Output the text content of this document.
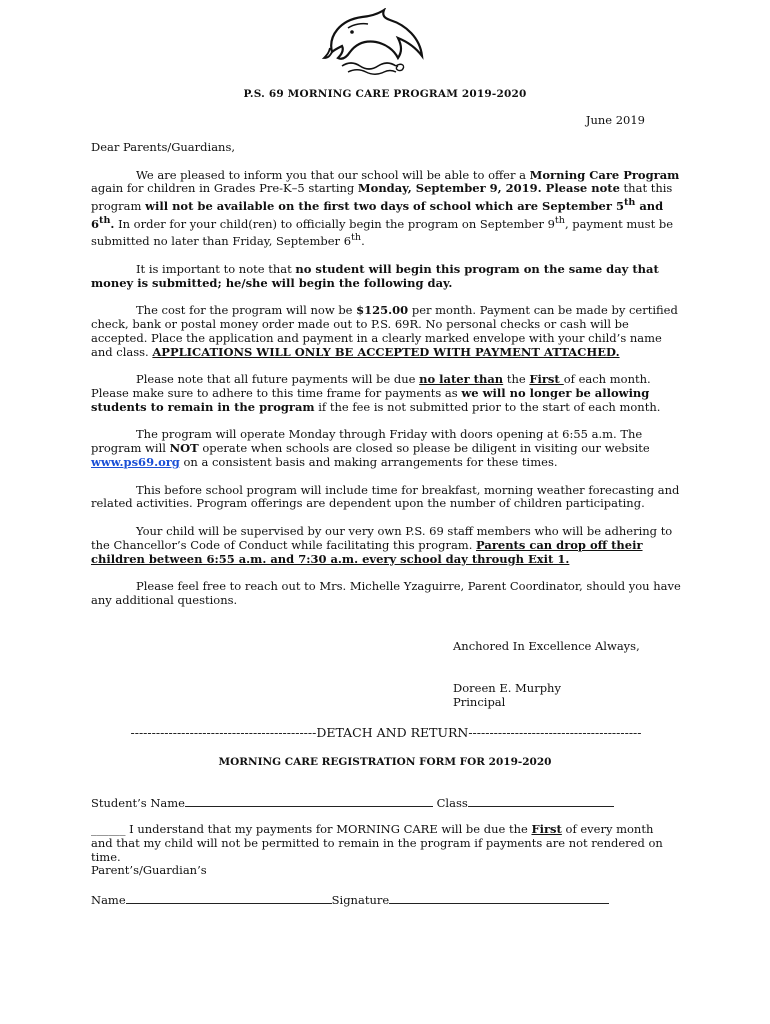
P.S. 69 MORNING CARE PROGRAM 2019-2020
June 2019

Dear Parents/Guardians,

We are pleased to inform you that our school will be able to offer a Morning Care Program again for children in Grades Pre-K–5 starting Monday, September 9, 2019. Please note that this program will not be available on the first two days of school which are September 5th and 6th. In order for your child(ren) to officially begin the program on September 9th, payment must be submitted no later than Friday, September 6th.

It is important to note that no student will begin this program on the same day that money is submitted; he/she will begin the following day.

The cost for the program will now be $125.00 per month. Payment can be made by certified check, bank or postal money order made out to P.S. 69R. No personal checks or cash will be accepted. Place the application and payment in a clearly marked envelope with your child’s name and class. APPLICATIONS WILL ONLY BE ACCEPTED WITH PAYMENT ATTACHED.

Please note that all future payments will be due no later than the First of each month. Please make sure to adhere to this time frame for payments as we will no longer be allowing students to remain in the program if the fee is not submitted prior to the start of each month.

The program will operate Monday through Friday with doors opening at 6:55 a.m. The program will NOT operate when schools are closed so please be diligent in visiting our website www.ps69.org on a consistent basis and making arrangements for these times.

This before school program will include time for breakfast, morning weather forecasting and related activities. Program offerings are dependent upon the number of children participating.

Your child will be supervised by our very own P.S. 69 staff members who will be adhering to the Chancellor’s Code of Conduct while facilitating this program. Parents can drop off their children between 6:55 a.m. and 7:30 a.m. every school day through Exit 1.

Please feel free to reach out to Mrs. Michelle Yzaguirre, Parent Coordinator, should you have any additional questions.

Anchored In Excellence Always,
Doreen E. Murphy
Principal
--------------------------------------------DETACH AND RETURN-----------------------------------------
MORNING CARE REGISTRATION FORM FOR 2019-2020
Student’s Name	Class
______ I understand that my payments for MORNING CARE will be due the First of every month and that my child will not be permitted to remain in the program if payments are not rendered on time.
Parent’s/Guardian’s
Name	Signature
